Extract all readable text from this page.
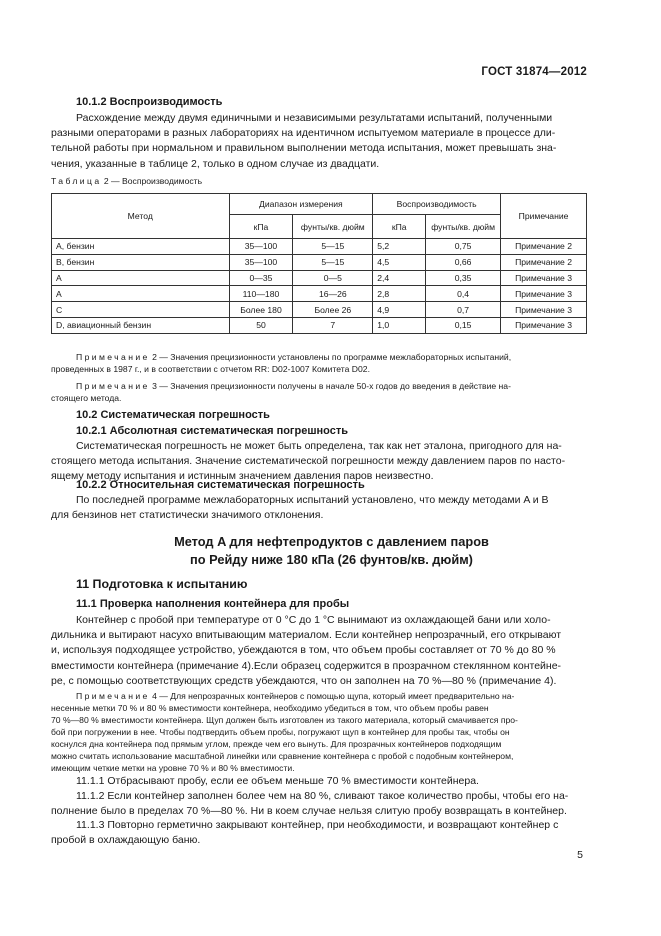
ГОСТ 31874—2012
10.1.2 Воспроизводимость
Расхождение между двумя единичными и независимыми результатами испытаний, полученными
разными операторами в разных лабораториях на идентичном испытуемом материале в процессе дли-
тельной работы при нормальном и правильном выполнении метода испытания, может превышать зна-
чения, указанные в таблице 2, только в одном случае из двадцати.
Таблица 2 — Воспроизводимость
Метод	Диапазон измерения		Воспроизводимость		Примечание
	кПа	фунты/кв. дюйм	кПа	фунты/кв. дюйм	
A, бензин	35—100	5—15	5,2	0,75	Примечание 2
B, бензин	35—100	5—15	4,5	0,66	Примечание 2
A	0—35	0—5	2,4	0,35	Примечание 3
A	110—180	16—26	2,8	0,4	Примечание 3
C	Более 180	Более 26	4,9	0,7	Примечание 3
D, авиационный бензин	50	7	1,0	0,15	Примечание 3
Примечание 2 — Значения прецизионности установлены по программе межлабораторных испытаний,
проведенных в 1987 г., и в соответствии с отчетом RR: D02-1007 Комитета D02.
Примечание 3 — Значения прецизионности получены в начале 50-х годов до введения в действие на-
стоящего метода.
10.2 Систематическая погрешность
10.2.1 Абсолютная систематическая погрешность
Систематическая погрешность не может быть определена, так как нет эталона, пригодного для на-
стоящего метода испытания. Значение систематической погрешности между давлением паров по насто-
ящему методу испытания и истинным значением давления паров неизвестно.
10.2.2 Относительная систематическая погрешность
По последней программе межлабораторных испытаний установлено, что между методами A и B
для бензинов нет статистически значимого отклонения.
Метод A для нефтепродуктов с давлением паров
по Рейду ниже 180 кПа (26 фунтов/кв. дюйм)
11 Подготовка к испытанию
11.1 Проверка наполнения контейнера для пробы
Контейнер с пробой при температуре от 0 °C до 1 °C вынимают из охлаждающей бани или холо-
дильника и вытирают насухо впитывающим материалом. Если контейнер непрозрачный, его открывают
и, используя подходящее устройство, убеждаются в том, что объем пробы составляет от 70 % до 80 %
вместимости контейнера (примечание 4).Если образец содержится в прозрачном стеклянном контейне-
ре, с помощью соответствующих средств убеждаются, что он заполнен на 70 %—80 % (примечание 4).
Примечание 4 — Для непрозрачных контейнеров с помощью щупа, который имеет предварительно на-
несенные метки 70 % и 80 % вместимости контейнера, необходимо убедиться в том, что объем пробы равен
70 %—80 % вместимости контейнера. Щуп должен быть изготовлен из такого материала, который смачивается про-
бой при погружении в нее. Чтобы подтвердить объем пробы, погружают щуп в контейнер для пробы так, чтобы он
коснулся дна контейнера под прямым углом, прежде чем его вынуть. Для прозрачных контейнеров подходящим
можно считать использование масштабной линейки или сравнение контейнера с пробой с подобным контейнером,
имеющим четкие метки на уровне 70 % и 80 % вместимости.
11.1.1 Отбрасывают пробу, если ее объем меньше 70 % вместимости контейнера.
11.1.2 Если контейнер заполнен более чем на 80 %, сливают такое количество пробы, чтобы его на-
полнение было в пределах 70 %—80 %. Ни в коем случае нельзя слитую пробу возвращать в контейнер.
11.1.3 Повторно герметично закрывают контейнер, при необходимости, и возвращают контейнер с
пробой в охлаждающую баню.
5
